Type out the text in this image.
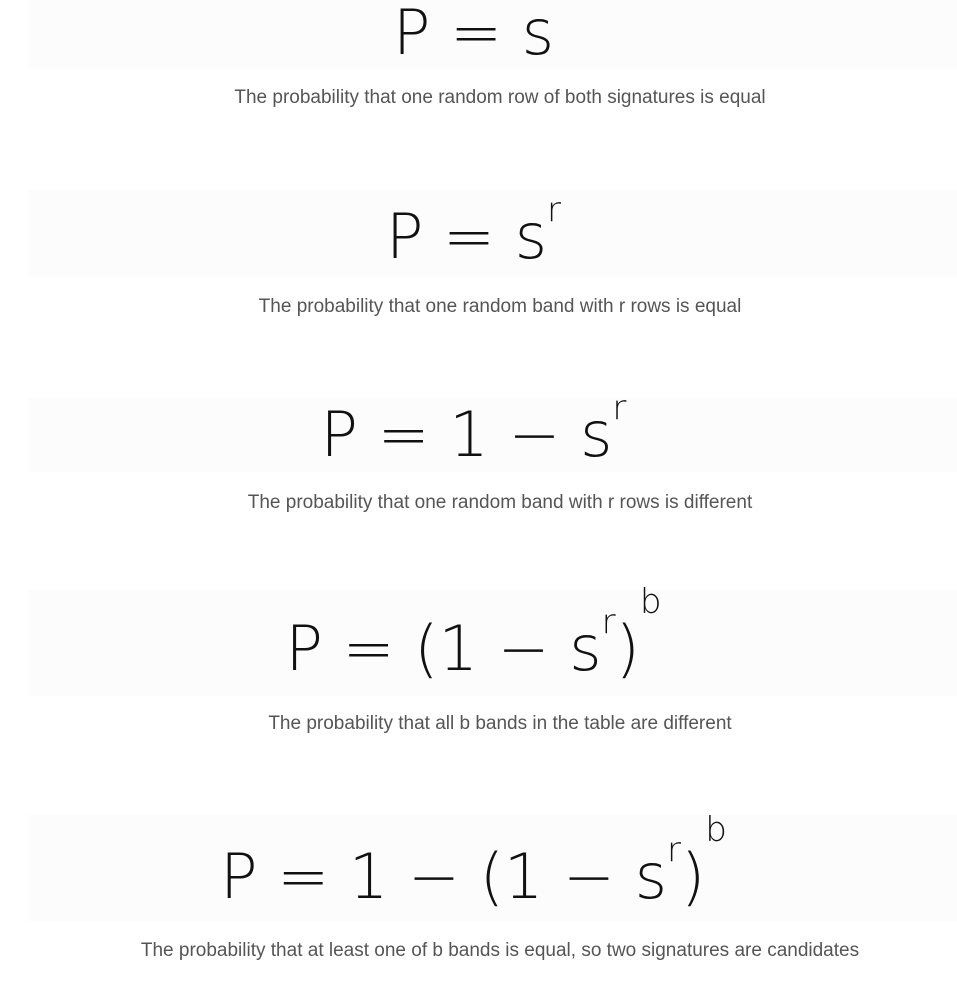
P = s
The probability that one random row of both signatures is equal
P = sr
The probability that one random band with r rows is equal
P = 1 − sr
The probability that one random band with r rows is different
P = (1 − sr)b
The probability that all b bands in the table are different
P = 1 − (1 − sr)b
The probability that at least one of b bands is equal, so two signatures are candidates
